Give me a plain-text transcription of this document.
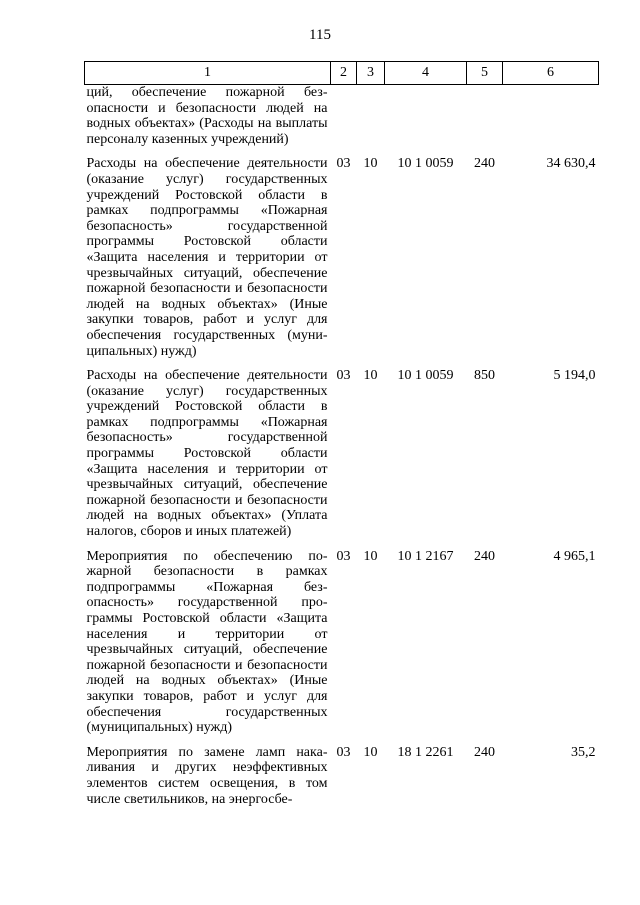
115
1	2	3	4	5	6
ций, обеспечение пожарной безопасности и безопасности людей на водных объектах» (Расходы на выплаты персоналу казенных учреждений)					
Расходы на обеспечение деятельности (оказание услуг) государственных учреждений Ростовской области в рамках подпрограммы «Пожарная безопасность» государственной программы Ростовской области «Защита населения и территории от чрезвычайных ситуаций, обеспечение пожарной безопасности и безопасности людей на водных объектах» (Иные закупки товаров, работ и услуг для обеспечения государственных (муниципальных) нужд)	03	10	10 1 0059	240	34 630,4
Расходы на обеспечение деятельности (оказание услуг) государственных учреждений Ростовской области в рамках подпрограммы «Пожарная безопасность» государственной программы Ростовской области «Защита населения и территории от чрезвычайных ситуаций, обеспечение пожарной безопасности и безопасности людей на водных объектах» (Уплата налогов, сборов и иных платежей)	03	10	10 1 0059	850	5 194,0
Мероприятия по обеспечению пожарной безопасности в рамках подпрограммы «Пожарная безопасность» государственной программы Ростовской области «Защита населения и территории от чрезвычайных ситуаций, обеспечение пожарной безопасности и безопасности людей на водных объектах» (Иные закупки товаров, работ и услуг для обеспечения государственных (муниципальных) нужд)	03	10	10 1 2167	240	4 965,1
Мероприятия по замене ламп накаливания и других неэффективных элементов систем освещения, в том числе светильников, на энергосбе-	03	10	18 1 2261	240	35,2
